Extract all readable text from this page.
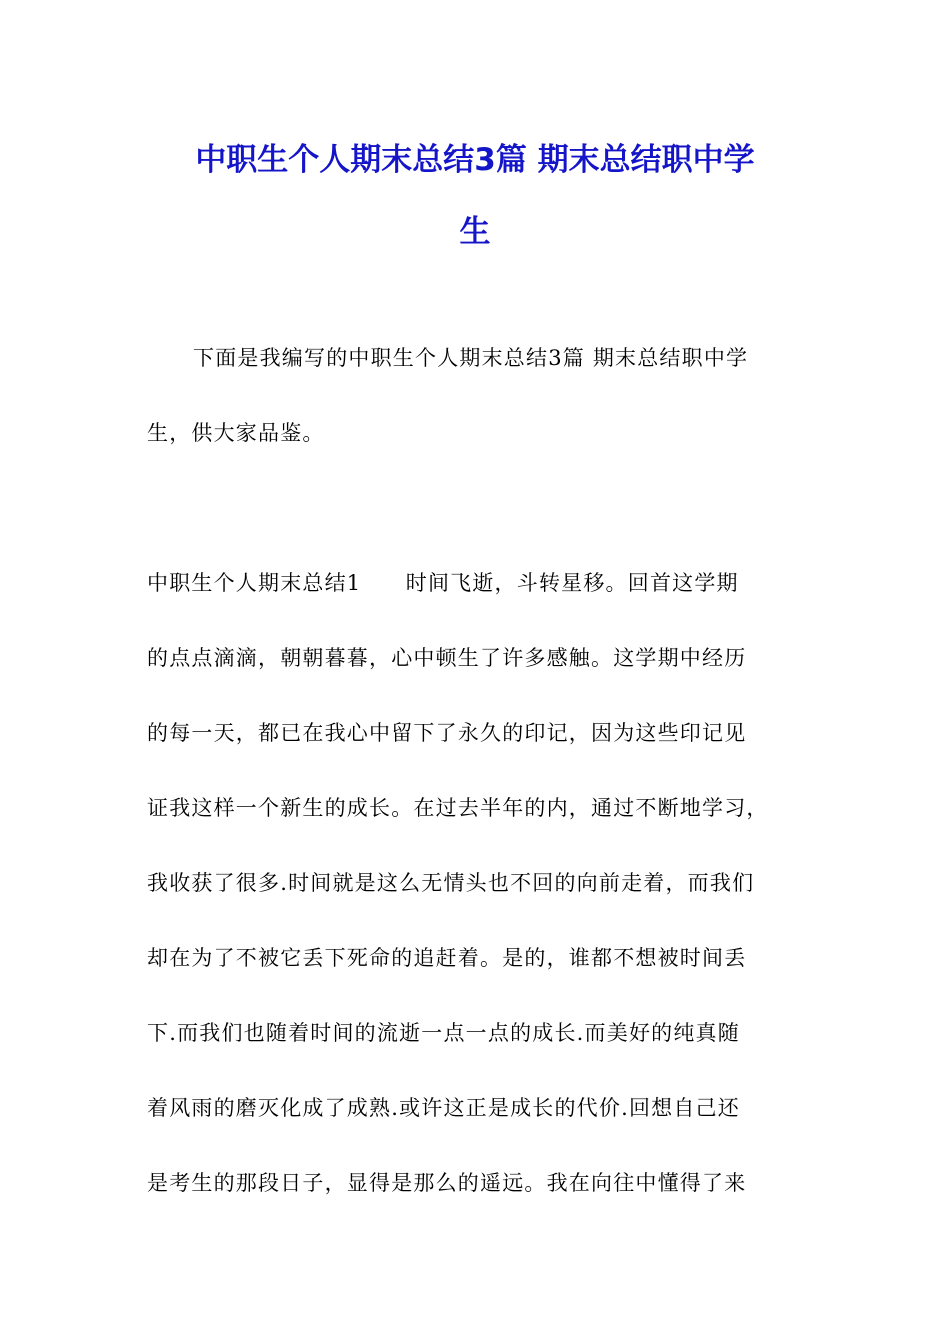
中职生个人期末总结3篇 期末总结职中学
生
下面是我编写的中职生个人期末总结3篇 期末总结职中学
生，供大家品鉴。
中职生个人期末总结1　　时间飞逝，斗转星移。回首这学期
的点点滴滴，朝朝暮暮，心中顿生了许多感触。这学期中经历
的每一天，都已在我心中留下了永久的印记，因为这些印记见
证我这样一个新生的成长。在过去半年的内，通过不断地学习，
我收获了很多.时间就是这么无情头也不回的向前走着，而我们
却在为了不被它丢下死命的追赶着。是的，谁都不想被时间丢
下.而我们也随着时间的流逝一点一点的成长.而美好的纯真随
着风雨的磨灭化成了成熟.或许这正是成长的代价.回想自己还
是考生的那段日子，显得是那么的遥远。我在向往中懂得了来
